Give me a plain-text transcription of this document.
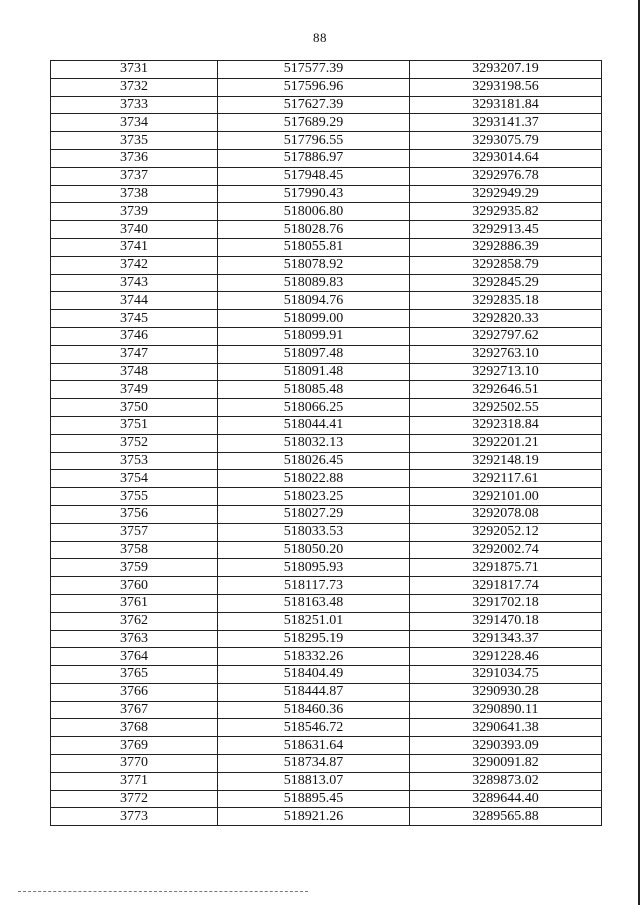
88
3731	517577.39	3293207.19
3732	517596.96	3293198.56
3733	517627.39	3293181.84
3734	517689.29	3293141.37
3735	517796.55	3293075.79
3736	517886.97	3293014.64
3737	517948.45	3292976.78
3738	517990.43	3292949.29
3739	518006.80	3292935.82
3740	518028.76	3292913.45
3741	518055.81	3292886.39
3742	518078.92	3292858.79
3743	518089.83	3292845.29
3744	518094.76	3292835.18
3745	518099.00	3292820.33
3746	518099.91	3292797.62
3747	518097.48	3292763.10
3748	518091.48	3292713.10
3749	518085.48	3292646.51
3750	518066.25	3292502.55
3751	518044.41	3292318.84
3752	518032.13	3292201.21
3753	518026.45	3292148.19
3754	518022.88	3292117.61
3755	518023.25	3292101.00
3756	518027.29	3292078.08
3757	518033.53	3292052.12
3758	518050.20	3292002.74
3759	518095.93	3291875.71
3760	518117.73	3291817.74
3761	518163.48	3291702.18
3762	518251.01	3291470.18
3763	518295.19	3291343.37
3764	518332.26	3291228.46
3765	518404.49	3291034.75
3766	518444.87	3290930.28
3767	518460.36	3290890.11
3768	518546.72	3290641.38
3769	518631.64	3290393.09
3770	518734.87	3290091.82
3771	518813.07	3289873.02
3772	518895.45	3289644.40
3773	518921.26	3289565.88
